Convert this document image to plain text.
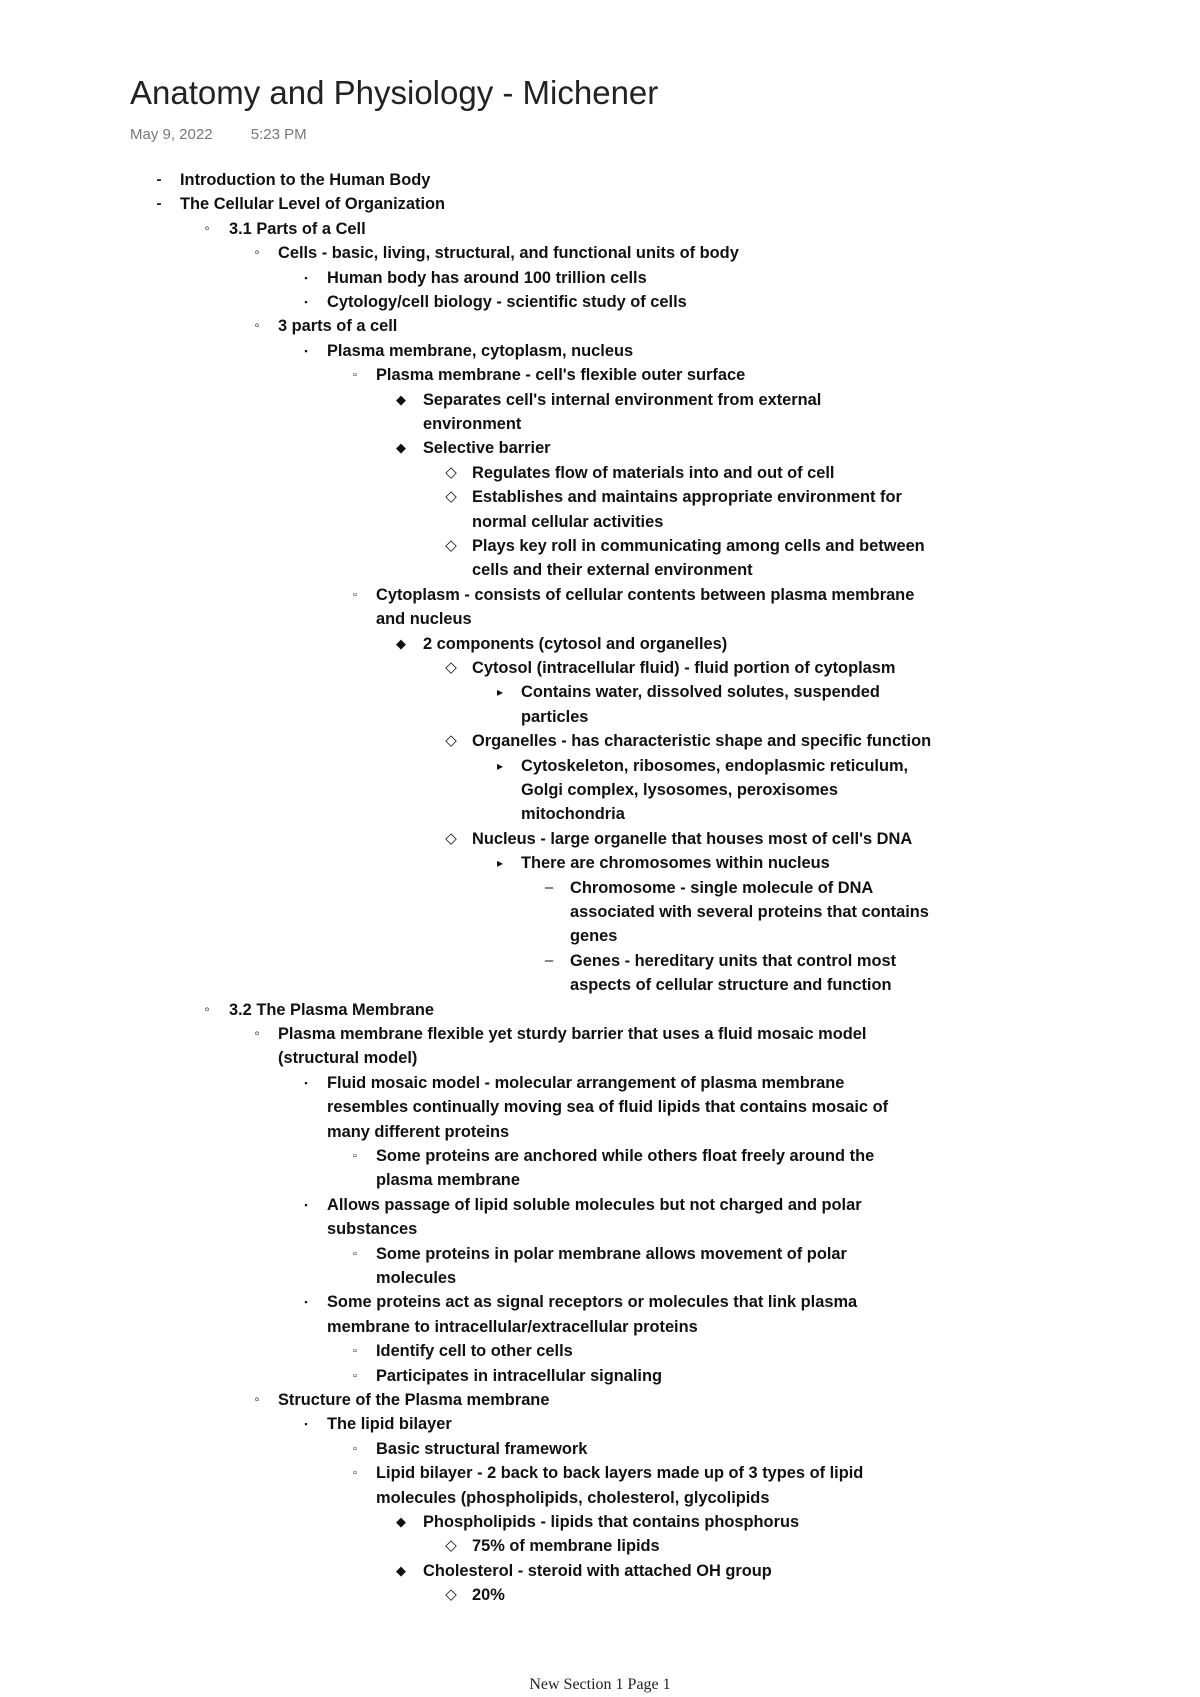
Anatomy and Physiology - Michener
May 9, 2022	5:23 PM
-	Introduction to the Human Body
-	The Cellular Level of Organization
◦	3.1 Parts of a Cell
◦	Cells - basic, living, structural, and functional units of body
▪	Human body has around 100 trillion cells
▪	Cytology/cell biology - scientific study of cells
◦	3 parts of a cell
▪	Plasma membrane, cytoplasm, nucleus
▫	Plasma membrane - cell's flexible outer surface
◆	Separates cell's internal environment from external
environment
◆	Selective barrier
◇ Regulates flow of materials into and out of cell
◇ Establishes and maintains appropriate environment for
normal cellular activities
◇ Plays key roll in communicating among cells and between
cells and their external environment
▫	Cytoplasm - consists of cellular contents between plasma membrane
and nucleus
◆	2 components (cytosol and organelles)
◇ Cytosol (intracellular fluid) - fluid portion of cytoplasm
▸	Contains water, dissolved solutes, suspended
particles
◇ Organelles - has characteristic shape and specific function
▸	Cytoskeleton, ribosomes, endoplasmic reticulum,
Golgi complex, lysosomes, peroxisomes
mitochondria
◇ Nucleus - large organelle that houses most of cell's DNA
▸	There are chromosomes within nucleus
–	Chromosome - single molecule of DNA
associated with several proteins that contains
genes
–	Genes - hereditary units that control most
aspects of cellular structure and function
◦	3.2 The Plasma Membrane
◦	Plasma membrane flexible yet sturdy barrier that uses a fluid mosaic model
(structural model)
▪	Fluid mosaic model - molecular arrangement of plasma membrane
resembles continually moving sea of fluid lipids that contains mosaic of
many different proteins
▫	Some proteins are anchored while others float freely around the
plasma membrane
▪	Allows passage of lipid soluble molecules but not charged and polar
substances
▫	Some proteins in polar membrane allows movement of polar
molecules
▪	Some proteins act as signal receptors or molecules that link plasma
membrane to intracellular/extracellular proteins
▫	Identify cell to other cells
▫	Participates in intracellular signaling
◦	Structure of the Plasma membrane
▪	The lipid bilayer
▫	Basic structural framework
▫	Lipid bilayer - 2 back to back layers made up of 3 types of lipid
molecules (phospholipids, cholesterol, glycolipids
◆	Phospholipids - lipids that contains phosphorus
◇ 75% of membrane lipids
◆	Cholesterol - steroid with attached OH group
◇ 20%
New Section 1 Page 1
